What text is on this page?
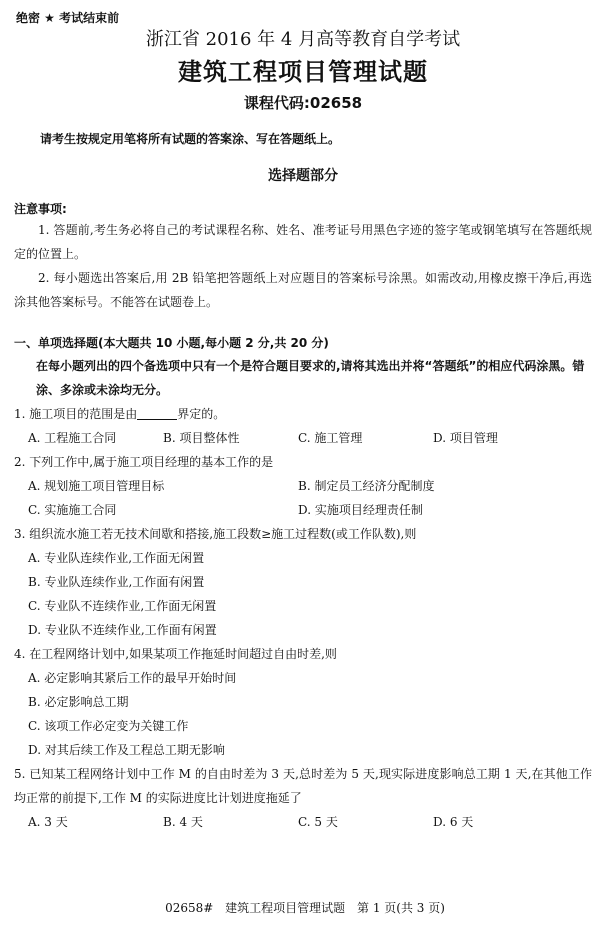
绝密 ★ 考试结束前
浙江省 2016 年 4 月高等教育自学考试
建筑工程项目管理试题
课程代码:02658
请考生按规定用笔将所有试题的答案涂、写在答题纸上。
选择题部分
注意事项:

1. 答题前,考生务必将自己的考试课程名称、姓名、准考证号用黑色字迹的签字笔或钢笔填写在答题纸规定的位置上。

2. 每小题选出答案后,用 2B 铅笔把答题纸上对应题目的答案标号涂黑。如需改动,用橡皮擦干净后,再选涂其他答案标号。不能答在试题卷上。

一、单项选择题(本大题共 10 小题,每小题 2 分,共 20 分)
在每小题列出的四个备选项中只有一个是符合题目要求的,请将其选出并将“答题纸”的相应代码涂黑。错涂、多涂或未涂均无分。
1. 施工项目的范围是由	界定的。
A. 工程施工合同	B. 项目整体性	C. 施工管理	D. 项目管理
2. 下列工作中,属于施工项目经理的基本工作的是
A. 规划施工项目管理目标	B. 制定员工经济分配制度
C. 实施施工合同	D. 实施项目经理责任制
3. 组织流水施工若无技术间歇和搭接,施工段数≥施工过程数(或工作队数),则
A. 专业队连续作业,工作面无闲置
B. 专业队连续作业,工作面有闲置
C. 专业队不连续作业,工作面无闲置
D. 专业队不连续作业,工作面有闲置
4. 在工程网络计划中,如果某项工作拖延时间超过自由时差,则
A. 必定影响其紧后工作的最早开始时间
B. 必定影响总工期
C. 该项工作必定变为关键工作
D. 对其后续工作及工程总工期无影响
5. 已知某工程网络计划中工作 M 的自由时差为 3 天,总时差为 5 天,现实际进度影响总工期 1 天,在其他工作均正常的前提下,工作 M 的实际进度比计划进度拖延了
A. 3 天	B. 4 天	C. 5 天	D. 6 天
02658# 建筑工程项目管理试题 第 1 页(共 3 页)
